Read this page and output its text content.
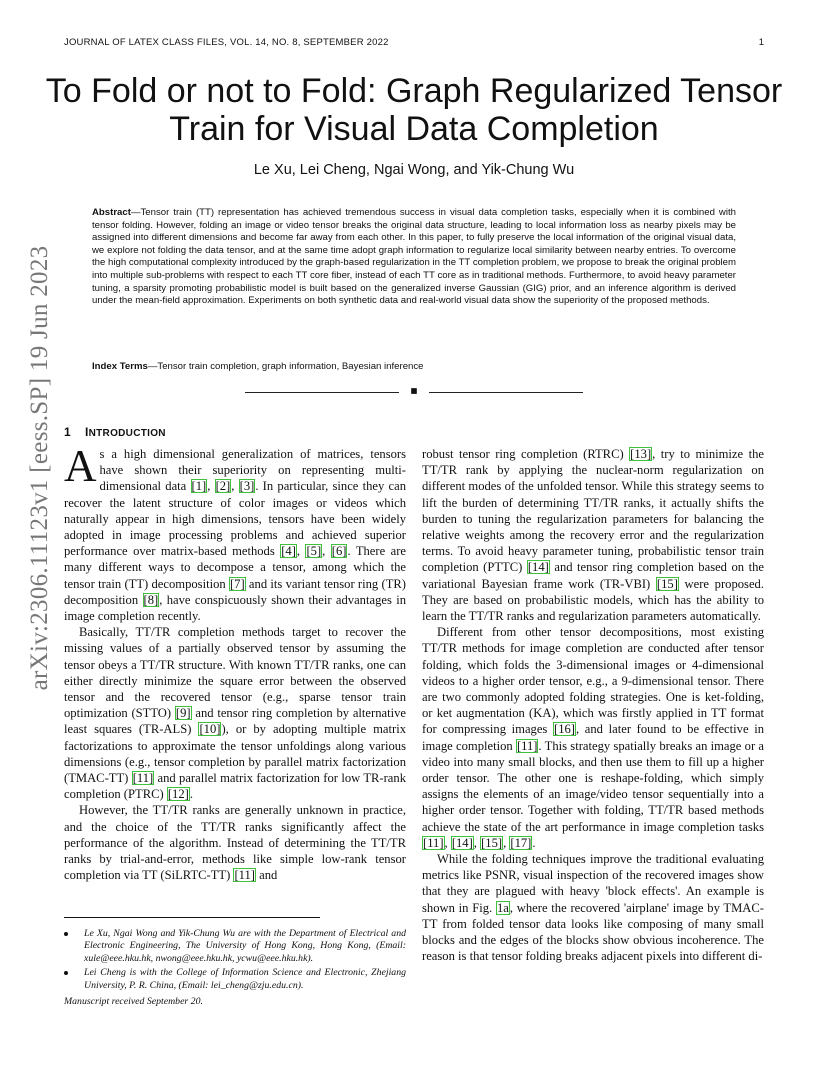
JOURNAL OF LATEX CLASS FILES, VOL. 14, NO. 8, SEPTEMBER 2022	1
arXiv:2306.11123v1 [eess.SP] 19 Jun 2023
To Fold or not to Fold: Graph Regularized Tensor Train for Visual Data Completion
Le Xu, Lei Cheng, Ngai Wong, and Yik-Chung Wu

Abstract—Tensor train (TT) representation has achieved tremendous success in visual data completion tasks, especially when it is combined with tensor folding. However, folding an image or video tensor breaks the original data structure, leading to local information loss as nearby pixels may be assigned into different dimensions and become far away from each other. In this paper, to fully preserve the local information of the original visual data, we explore not folding the data tensor, and at the same time adopt graph information to regularize local similarity between nearby entries. To overcome the high computational complexity introduced by the graph-based regularization in the TT completion problem, we propose to break the original problem into multiple sub-problems with respect to each TT core fiber, instead of each TT core as in traditional methods. Furthermore, to avoid heavy parameter tuning, a sparsity promoting probabilistic model is built based on the generalized inverse Gaussian (GIG) prior, and an inference algorithm is derived under the mean-field approximation. Experiments on both synthetic data and real-world visual data show the superiority of the proposed methods.

Index Terms—Tensor train completion, graph information, Bayesian inference

1 INTRODUCTION

As a high dimensional generalization of matrices, tensors have shown their superiority on representing multi-dimensional data [1], [2], [3]. In particular, since they can recover the latent structure of color images or videos which naturally appear in high dimensions, tensors have been widely adopted in image processing problems and achieved superior performance over matrix-based methods [4], [5], [6]. There are many different ways to decompose a tensor, among which the tensor train (TT) decomposition [7] and its variant tensor ring (TR) decomposition [8], have conspicuously shown their advantages in image completion recently.

Basically, TT/TR completion methods target to recover the missing values of a partially observed tensor by assuming the tensor obeys a TT/TR structure. With known TT/TR ranks, one can either directly minimize the square error between the observed tensor and the recovered tensor (e.g., sparse tensor train optimization (STTO) [9] and tensor ring completion by alternative least squares (TR-ALS) [10]), or by adopting multiple matrix factorizations to approximate the tensor unfoldings along various dimensions (e.g., tensor completion by parallel matrix factorization (TMAC-TT) [11] and parallel matrix factorization for low TR-rank completion (PTRC) [12].

However, the TT/TR ranks are generally unknown in practice, and the choice of the TT/TR ranks significantly affect the performance of the algorithm. Instead of determining the TT/TR ranks by trial-and-error, methods like simple low-rank tensor completion via TT (SiLRTC-TT) [11] and

robust tensor ring completion (RTRC) [13], try to minimize the TT/TR rank by applying the nuclear-norm regularization on different modes of the unfolded tensor. While this strategy seems to lift the burden of determining TT/TR ranks, it actually shifts the burden to tuning the regularization parameters for balancing the relative weights among the recovery error and the regularization terms. To avoid heavy parameter tuning, probabilistic tensor train completion (PTTC) [14] and tensor ring completion based on the variational Bayesian frame work (TR-VBI) [15] were proposed. They are based on probabilistic models, which has the ability to learn the TT/TR ranks and regularization parameters automatically.

Different from other tensor decompositions, most existing TT/TR methods for image completion are conducted after tensor folding, which folds the 3-dimensional images or 4-dimensional videos to a higher order tensor, e.g., a 9-dimensional tensor. There are two commonly adopted folding strategies. One is ket-folding, or ket augmentation (KA), which was firstly applied in TT format for compressing images [16], and later found to be effective in image completion [11]. This strategy spatially breaks an image or a video into many small blocks, and then use them to fill up a higher order tensor. The other one is reshape-folding, which simply assigns the elements of an image/video tensor sequentially into a higher order tensor. Together with folding, TT/TR based methods achieve the state of the art performance in image completion tasks [11], [14], [15], [17].

While the folding techniques improve the traditional evaluating metrics like PSNR, visual inspection of the recovered images show that they are plagued with heavy 'block effects'. An example is shown in Fig. 1a, where the recovered 'airplane' image by TMAC-TT from folded tensor data looks like composing of many small blocks and the edges of the blocks show obvious incoherence. The reason is that tensor folding breaks adjacent pixels into different di-

Le Xu, Ngai Wong and Yik-Chung Wu are with the Department of Electrical and Electronic Engineering, The University of Hong Kong, Hong Kong, (Email: xule@eee.hku.hk, nwong@eee.hku.hk, ycwu@eee.hku.hk).
Lei Cheng is with the College of Information Science and Electronic, Zhejiang University, P. R. China, (Email: lei_cheng@zju.edu.cn).
Manuscript received September 20.
